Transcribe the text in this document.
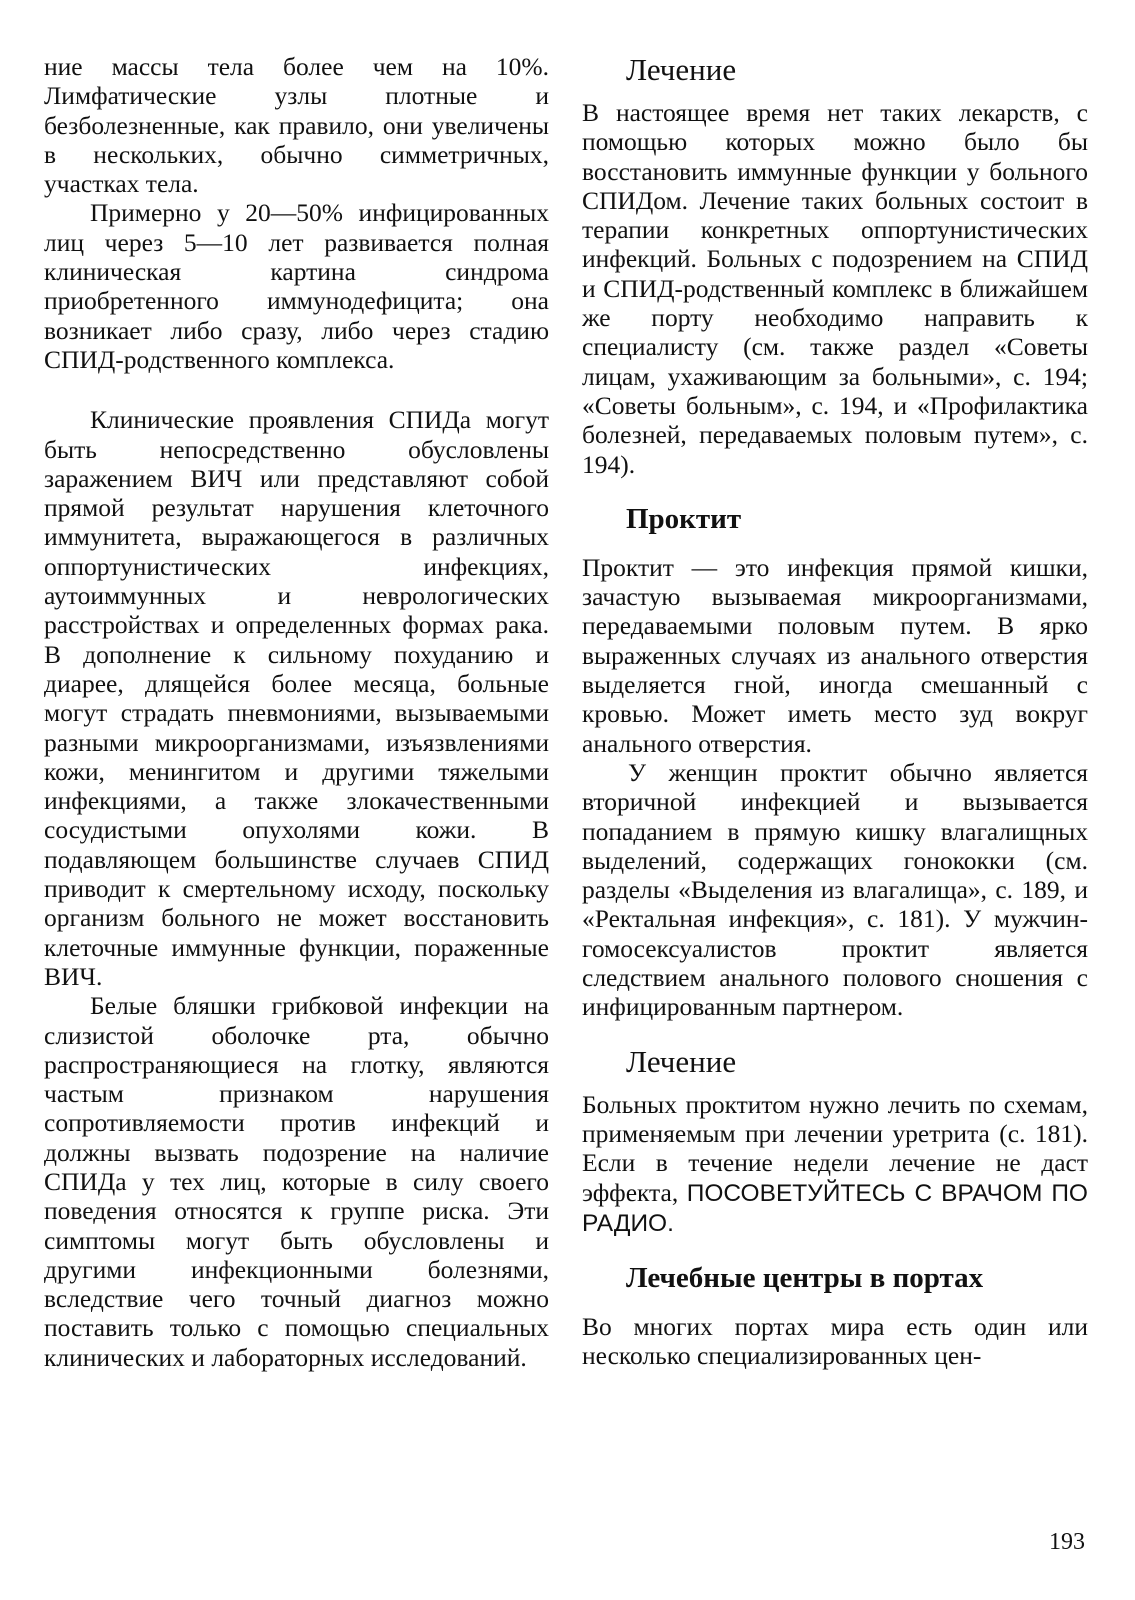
ние массы тела более чем на 10%. Лимфатические узлы плотные и безболезненные, как правило, они увеличены в нескольких, обычно симметричных, участках тела.

Примерно у 20—50% инфицированных лиц через 5—10 лет развивается полная клиническая картина синдрома приобретенного иммунодефицита; она возникает либо сразу, либо через стадию СПИД-родственного комплекса.

Клинические проявления СПИДа могут быть непосредственно обусловлены заражением ВИЧ или представляют собой прямой результат нарушения клеточного иммунитета, выражающегося в различных оппортунистических инфекциях, аутоиммунных и неврологических расстройствах и определенных формах рака. В дополнение к сильному похуданию и диарее, длящейся более месяца, больные могут страдать пневмониями, вызываемыми разными микроорганизмами, изъязвлениями кожи, менингитом и другими тяжелыми инфекциями, а также злокачественными сосудистыми опухолями кожи. В подавляющем большинстве случаев СПИД приводит к смертельному исходу, поскольку организм больного не может восстановить клеточные иммунные функции, пораженные ВИЧ.

Белые бляшки грибковой инфекции на слизистой оболочке рта, обычно распространяющиеся на глотку, являются частым признаком нарушения сопротивляемости против инфекций и должны вызвать подозрение на наличие СПИДа у тех лиц, которые в силу своего поведения относятся к группе риска. Эти симптомы могут быть обусловлены и другими инфекционными болезнями, вследствие чего точный диагноз можно поставить только с помощью специальных клинических и лабораторных исследований.

Лечение

В настоящее время нет таких лекарств, с помощью которых можно было бы восстановить иммунные функции у больного СПИДом. Лечение таких больных состоит в терапии конкретных оппортунистических инфекций. Больных с подозрением на СПИД и СПИД-родственный комплекс в ближайшем же порту необходимо направить к специалисту (см. также раздел «Советы лицам, ухаживающим за больными», с. 194; «Советы больным», с. 194, и «Профилактика болезней, передаваемых половым путем», с. 194).

Проктит

Проктит — это инфекция прямой кишки, зачастую вызываемая микроорганизмами, передаваемыми половым путем. В ярко выраженных случаях из анального отверстия выделяется гной, иногда смешанный с кровью. Может иметь место зуд вокруг анального отверстия.

У женщин проктит обычно является вторичной инфекцией и вызывается попаданием в прямую кишку влагалищных выделений, содержащих гонококки (см. разделы «Выделения из влагалища», с. 189, и «Ректальная инфекция», с. 181). У мужчин-гомосексуалистов проктит является следствием анального полового сношения с инфицированным партнером.

Лечение

Больных проктитом нужно лечить по схемам, применяемым при лечении уретрита (с. 181). Если в течение недели лечение не даст эффекта, ПОСОВЕТУЙТЕСЬ С ВРАЧОМ ПО РАДИО.

Лечебные центры в портах

Во многих портах мира есть один или несколько специализированных цен-

193
